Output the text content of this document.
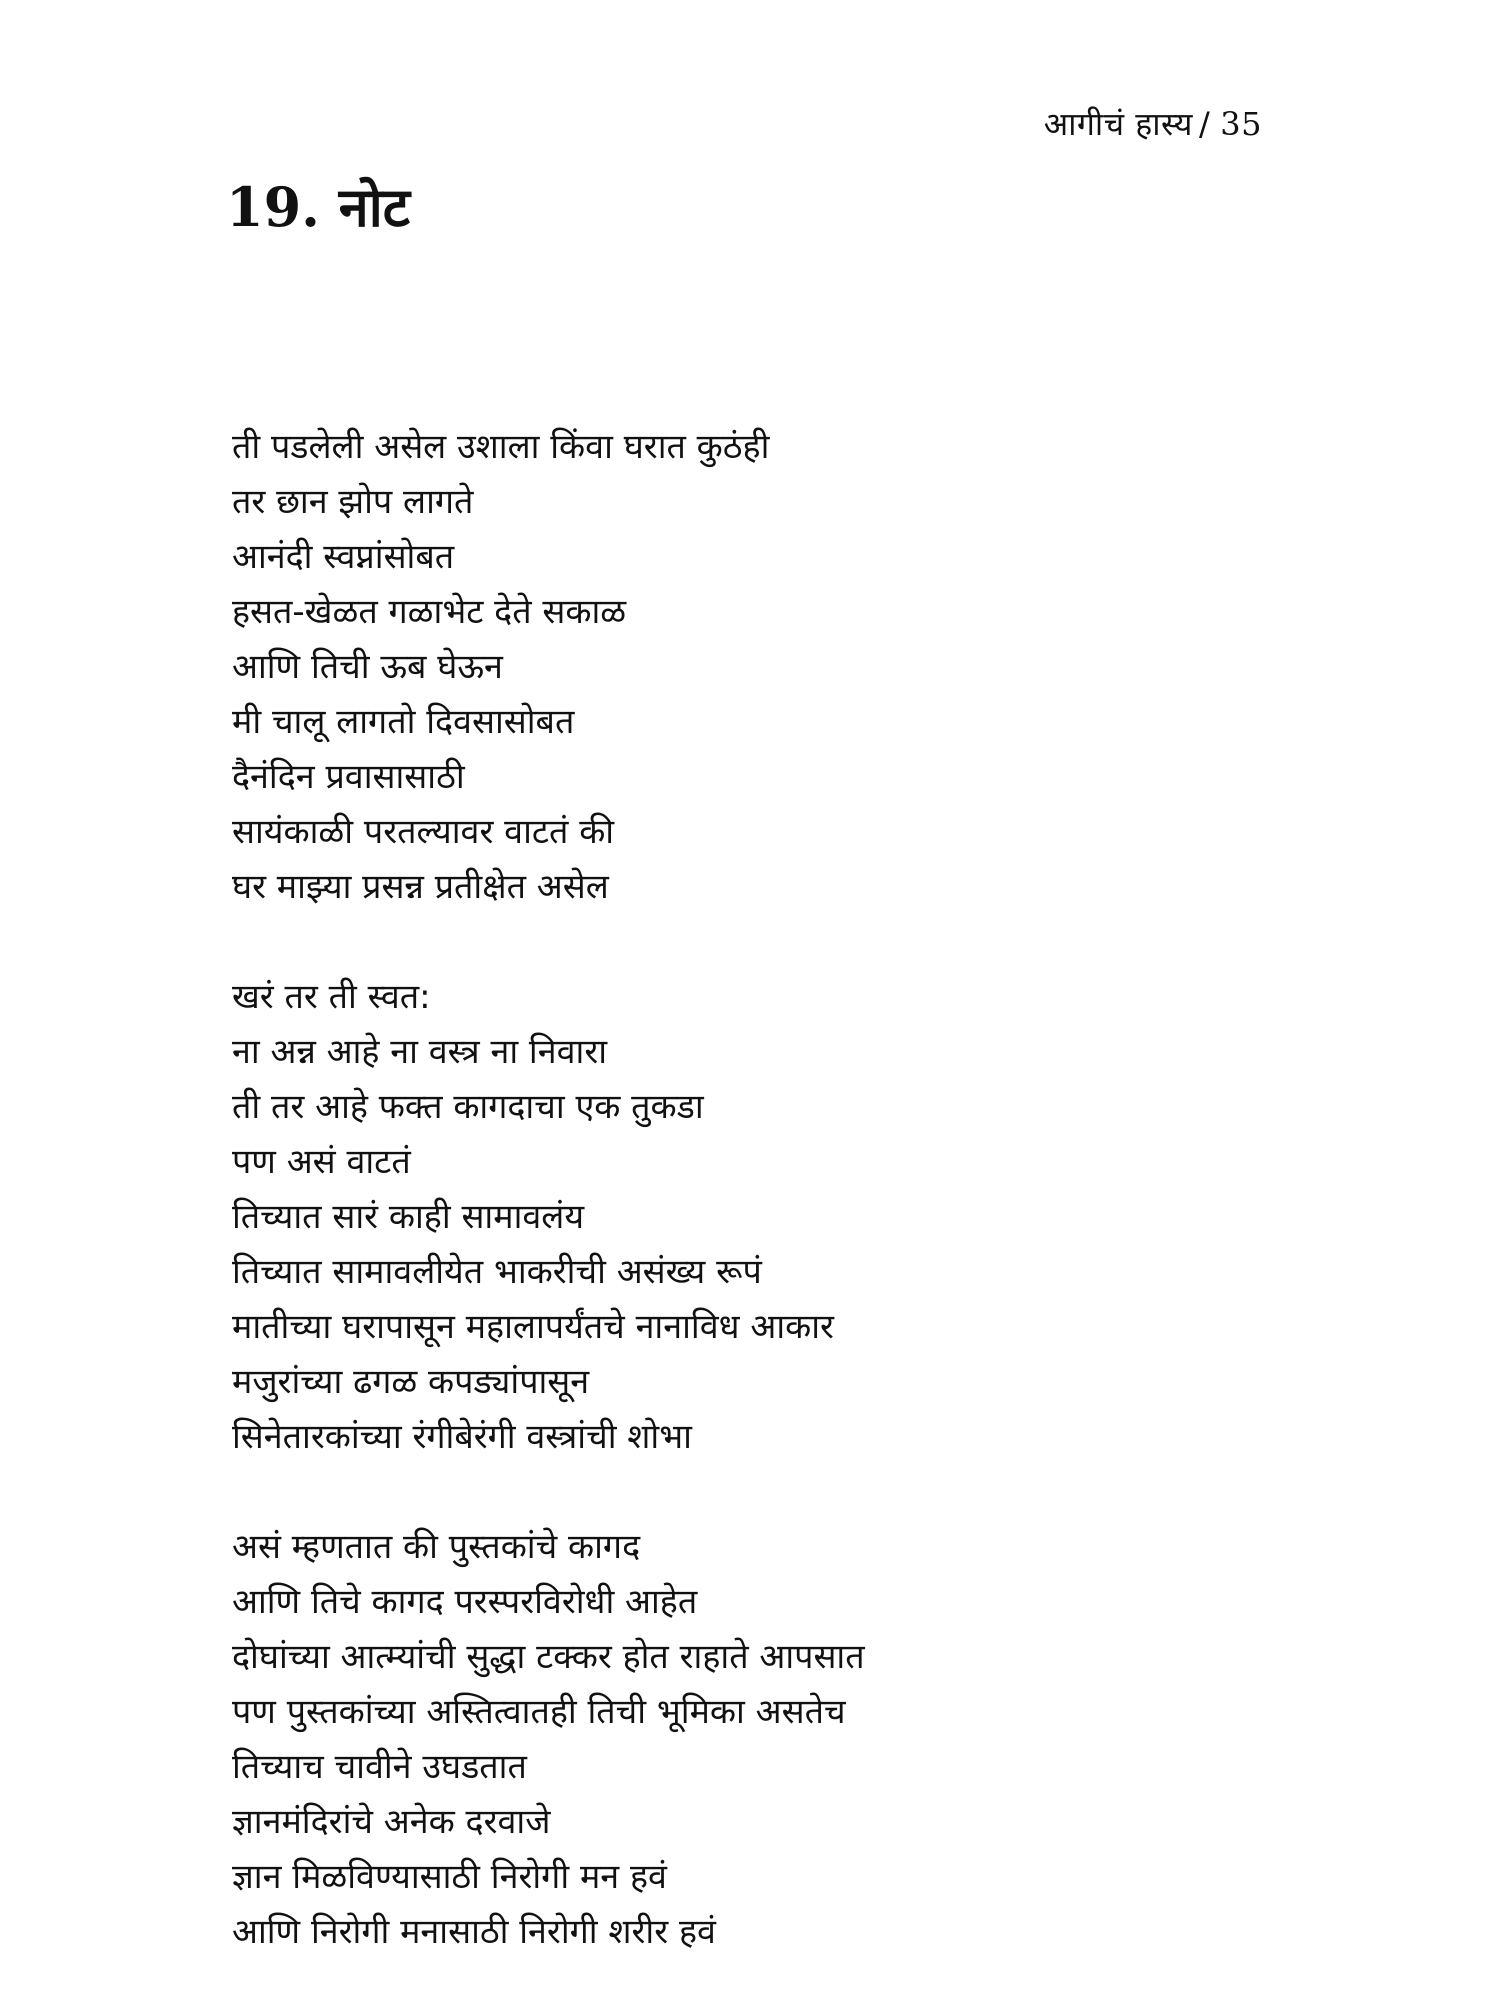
आगीचं हास्य / 35
19. नोट
ती पडलेली असेल उशाला किंवा घरात कुठंही
तर छान झोप लागते
आनंदी स्वप्नांसोबत
हसत-खेळत गळाभेट देते सकाळ
आणि तिची ऊब घेऊन
मी चालू लागतो दिवसासोबत
दैनंदिन प्रवासासाठी
सायंकाळी परतल्यावर वाटतं की
घर माझ्या प्रसन्न प्रतीक्षेत असेल
खरं तर ती स्वत:
ना अन्न आहे ना वस्त्र ना निवारा
ती तर आहे फक्त कागदाचा एक तुकडा
पण असं वाटतं
तिच्यात सारं काही सामावलंय
तिच्यात सामावलीयेत भाकरीची असंख्य रूपं
मातीच्या घरापासून महालापर्यंतचे नानाविध आकार
मजुरांच्या ढगळ कपड्यांपासून
सिनेतारकांच्या रंगीबेरंगी वस्त्रांची शोभा
असं म्हणतात की पुस्तकांचे कागद
आणि तिचे कागद परस्परविरोधी आहेत
दोघांच्या आत्म्यांची सुद्धा टक्कर होत राहाते आपसात
पण पुस्तकांच्या अस्तित्वातही तिची भूमिका असतेच
तिच्याच चावीने उघडतात
ज्ञानमंदिरांचे अनेक दरवाजे
ज्ञान मिळविण्यासाठी निरोगी मन हवं
आणि निरोगी मनासाठी निरोगी शरीर हवं
